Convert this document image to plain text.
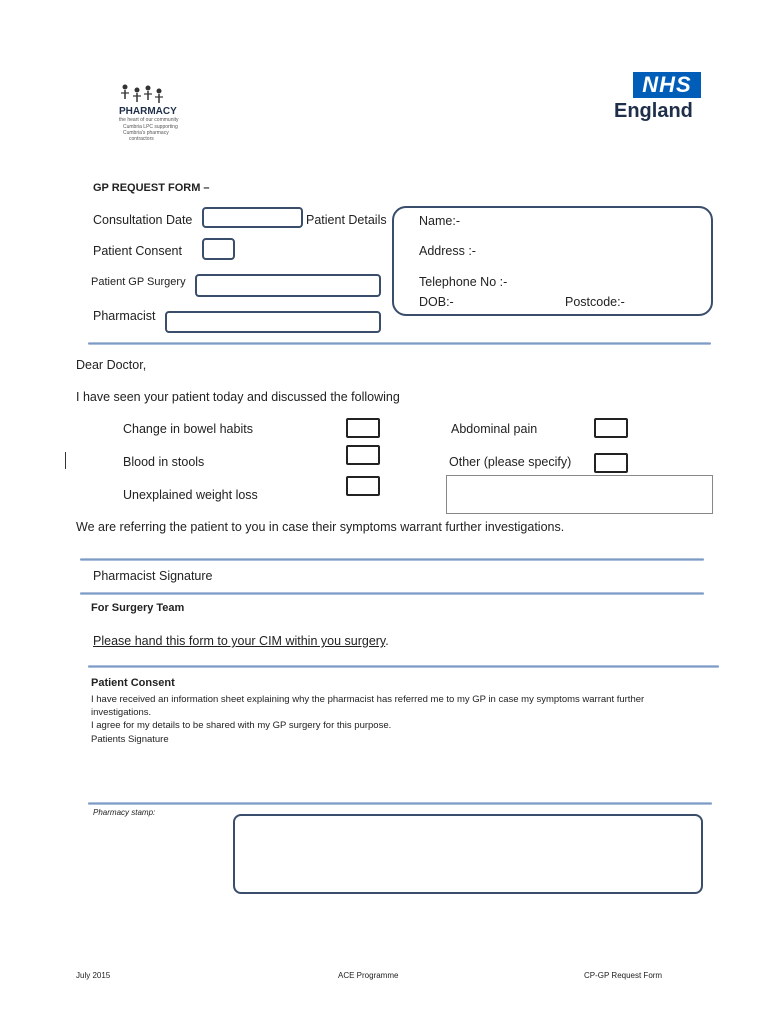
PHARMACY
the heart of our community
Cumbria LPC supporting
Cumbria's pharmacy
contractors
NHS
England
GP REQUEST FORM –
Consultation Date	Patient Details
Patient Consent
Patient GP Surgery
Pharmacist
Name:-
Address :-
Telephone No :-
DOB:-	Postcode:-
Dear Doctor,
I have seen your patient today and discussed the following
Change in bowel habits	Abdominal pain
Blood in stools	Other (please specify)
Unexplained weight loss
We are referring the patient to you in case their symptoms warrant further investigations.
Pharmacist Signature
For Surgery Team
Please hand this form to your CIM within you surgery.
Patient Consent
I have received an information sheet explaining why the pharmacist has referred me to my GP in case my symptoms warrant further
investigations.
I agree for my details to be shared with my GP surgery for this purpose.
Patients Signature
Pharmacy stamp:
July 2015	ACE Programme	CP-GP Request Form
